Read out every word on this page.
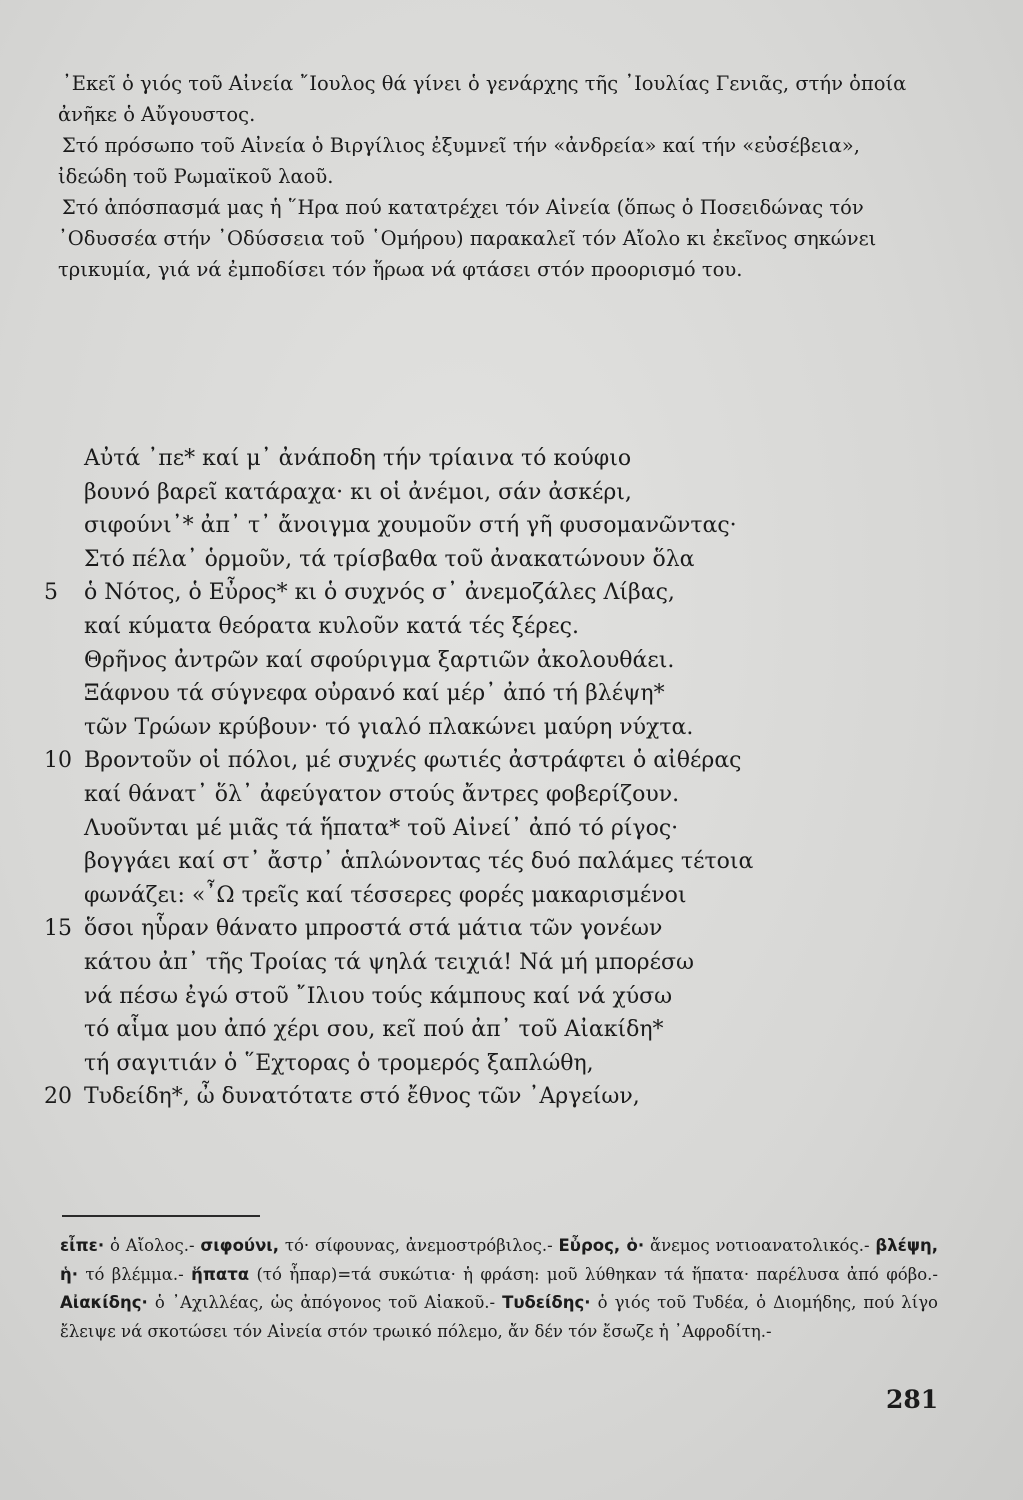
᾿Εκεῖ ὁ γιός τοῦ Αἰνεία ῎Ιουλος θά γίνει ὁ γενάρχης τῆς ᾿Ιουλίας Γενιᾶς, στήν ὁποία ἀνῆκε ὁ Αὔγουστος.

Στό πρόσωπο τοῦ Αἰνεία ὁ Βιργίλιος ἐξυμνεῖ τήν «ἀνδρεία» καί τήν «εὐσέβεια», ἰδεώδη τοῦ Ρωμαϊκοῦ λαοῦ.

Στό ἀπόσπασμά μας ἡ ῞Ηρα πού κατατρέχει τόν Αἰνεία (ὅπως ὁ Ποσειδώνας τόν ᾿Οδυσσέα στήν ᾿Οδύσσεια τοῦ ῾Ομήρου) παρακαλεῖ τόν Αἴολο κι ἐκεῖνος σηκώνει τρικυμία, γιά νά ἐμποδίσει τόν ἥρωα νά φτάσει στόν προορισμό του.

Αὐτά ᾿πε* καί μ᾿ ἀνάποδη τήν τρίαινα τό κούφιο
βουνό βαρεῖ κατάραχα· κι οἱ ἀνέμοι, σάν ἀσκέρι,
σιφούνι᾿* ἀπ᾿ τ᾿ ἄνοιγμα χουμοῦν στή γῆ φυσομανῶντας·
Στό πέλα᾿ ὁρμοῦν, τά τρίσβαθα τοῦ ἀνακατώνουν ὅλα
5	ὁ Νότος, ὁ Εὖρος* κι ὁ συχνός σ᾿ ἀνεμοζάλες Λίβας,
καί κύματα θεόρατα κυλοῦν κατά τές ξέρες.
Θρῆνος ἀντρῶν καί σφούριγμα ξαρτιῶν ἀκολουθάει.
Ξάφνου τά σύγνεφα οὐρανό καί μέρ᾿ ἀπό τή βλέψη*
τῶν Τρώων κρύβουν· τό γιαλό πλακώνει μαύρη νύχτα.
10 Βροντοῦν οἱ πόλοι, μέ συχνές φωτιές ἀστράφτει ὁ αἰθέρας
καί θάνατ᾿ ὅλ᾿ ἀφεύγατον στούς ἄντρες φοβερίζουν.
Λυοῦνται μέ μιᾶς τά ἥπατα* τοῦ Αἰνεί᾿ ἀπό τό ρίγος·
βογγάει καί στ᾿ ἄστρ᾿ ἁπλώνοντας τές δυό παλάμες τέτοια
φωνάζει: «῏Ω τρεῖς καί τέσσερες φορές μακαρισμένοι
15 ὅσοι ηὗραν θάνατο μπροστά στά μάτια τῶν γονέων
κάτου ἀπ᾿ τῆς Τροίας τά ψηλά τειχιά! Νά μή μπορέσω
νά πέσω ἐγώ στοῦ ῎Ιλιου τούς κάμπους καί νά χύσω
τό αἷμα μου ἀπό χέρι σου, κεῖ πού ἀπ᾿ τοῦ Αἰακίδη*
τή σαγιτιάν ὁ ῞Εχτορας ὁ τρομερός ξαπλώθη,
20 Τυδείδη*, ὦ δυνατότατε στό ἔθνος τῶν ᾿Αργείων,
εἶπε· ὁ Αἴολος.- σιφούνι, τό· σίφουνας, ἀνεμοστρόβιλος.- Εὖρος, ὁ· ἄνεμος νοτιοανατολικός.- βλέψη, ἡ· τό βλέμμα.- ἥπατα (τό ἧπαρ)=τά συκώτια· ἡ φράση: μοῦ λύθηκαν τά ἥπατα· παρέλυσα ἀπό φόβο.- Αἰακίδης· ὁ ᾿Αχιλλέας, ὡς ἀπόγονος τοῦ Αἰακοῦ.- Τυδείδης· ὁ γιός τοῦ Τυδέα, ὁ Διομήδης, πού λίγο ἔλειψε νά σκοτώσει τόν Αἰνεία στόν τρωικό πόλεμο, ἄν δέν τόν ἔσωζε ἡ ᾿Αφροδίτη.-
281
